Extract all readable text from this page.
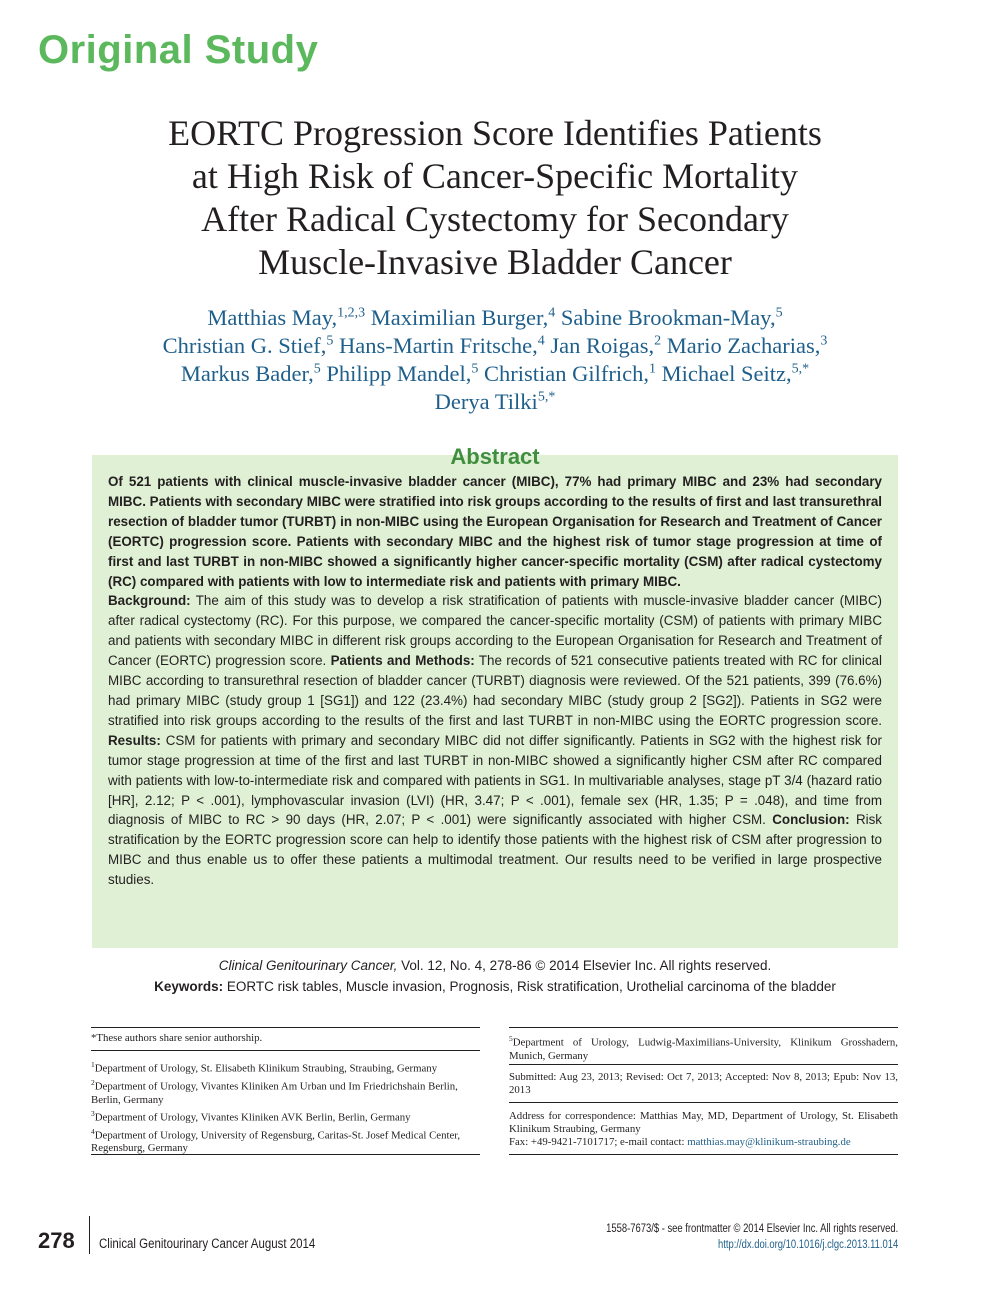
Original Study
EORTC Progression Score Identifies Patients
at High Risk of Cancer-Specific Mortality
After Radical Cystectomy for Secondary
Muscle-Invasive Bladder Cancer
Matthias May,$^{1,2,3}$ Maximilian Burger,$^4$ Sabine Brookman-May,$^5$
Christian G. Stief,$^5$ Hans-Martin Fritsche,$^4$ Jan Roigas,$^2$ Mario Zacharias,$^3$
Markus Bader,$^5$ Philipp Mandel,$^5$ Christian Gilfrich,$^1$ Michael Seitz,$^{5,*}$
Derya Tilki$^{5,*}$

Of 521 patients with clinical muscle-invasive bladder cancer (MIBC), 77% had primary MIBC and 23% had secondary MIBC. Patients with secondary MIBC were stratified into risk groups according to the results of first and last transurethral resection of bladder tumor (TURBT) in non-MIBC using the European Organisation for Research and Treatment of Cancer (EORTC) progression score. Patients with secondary MIBC and the highest risk of tumor stage progression at time of first and last TURBT in non-MIBC showed a significantly higher cancer-specific mortality (CSM) after radical cystectomy (RC) compared with patients with low to intermediate risk and patients with primary MIBC.

Background: The aim of this study was to develop a risk stratification of patients with muscle-invasive bladder cancer (MIBC) after radical cystectomy (RC). For this purpose, we compared the cancer-specific mortality (CSM) of patients with primary MIBC and patients with secondary MIBC in different risk groups according to the European Organisation for Research and Treatment of Cancer (EORTC) progression score. Patients and Methods: The records of 521 consecutive patients treated with RC for clinical MIBC according to transurethral resection of bladder cancer (TURBT) diagnosis were reviewed. Of the 521 patients, 399 (76.6%) had primary MIBC (study group 1 [SG1]) and 122 (23.4%) had secondary MIBC (study group 2 [SG2]). Patients in SG2 were stratified into risk groups according to the results of the first and last TURBT in non-MIBC using the EORTC progression score. Results: CSM for patients with primary and secondary MIBC did not differ significantly. Patients in SG2 with the highest risk for tumor stage progression at time of the first and last TURBT in non-MIBC showed a significantly higher CSM after RC compared with patients with low-to-intermediate risk and compared with patients in SG1. In multivariable analyses, stage pT 3/4 (hazard ratio [HR], 2.12; P < .001), lymphovascular invasion (LVI) (HR, 3.47; P < .001), female sex (HR, 1.35; P = .048), and time from diagnosis of MIBC to RC > 90 days (HR, 2.07; P < .001) were significantly associated with higher CSM. Conclusion: Risk stratification by the EORTC progression score can help to identify those patients with the highest risk of CSM after progression to MIBC and thus enable us to offer these patients a multimodal treatment. Our results need to be verified in large prospective studies.

Abstract
Clinical Genitourinary Cancer, Vol. 12, No. 4, 278-86 © 2014 Elsevier Inc. All rights reserved.
Keywords: EORTC risk tables, Muscle invasion, Prognosis, Risk stratification, Urothelial carcinoma of the bladder

*These authors share senior authorship.

$^1$Department of Urology, St. Elisabeth Klinikum Straubing, Straubing, Germany

$^2$Department of Urology, Vivantes Kliniken Am Urban und Im Friedrichshain Berlin, Berlin, Germany

$^3$Department of Urology, Vivantes Kliniken AVK Berlin, Berlin, Germany

$^4$Department of Urology, University of Regensburg, Caritas-St. Josef Medical Center, Regensburg, Germany

$^5$Department of Urology, Ludwig-Maximilians-University, Klinikum Grosshadern, Munich, Germany

Submitted: Aug 23, 2013; Revised: Oct 7, 2013; Accepted: Nov 8, 2013; Epub: Nov 13, 2013

Address for correspondence: Matthias May, MD, Department of Urology, St. Elisabeth Klinikum Straubing, Germany

Fax: +49-9421-7101717; e-mail contact: matthias.may@klinikum-straubing.de

278 Clinical Genitourinary Cancer August 2014
1558-7673/$ - see frontmatter © 2014 Elsevier Inc. All rights reserved.
http://dx.doi.org/10.1016/j.clgc.2013.11.014
